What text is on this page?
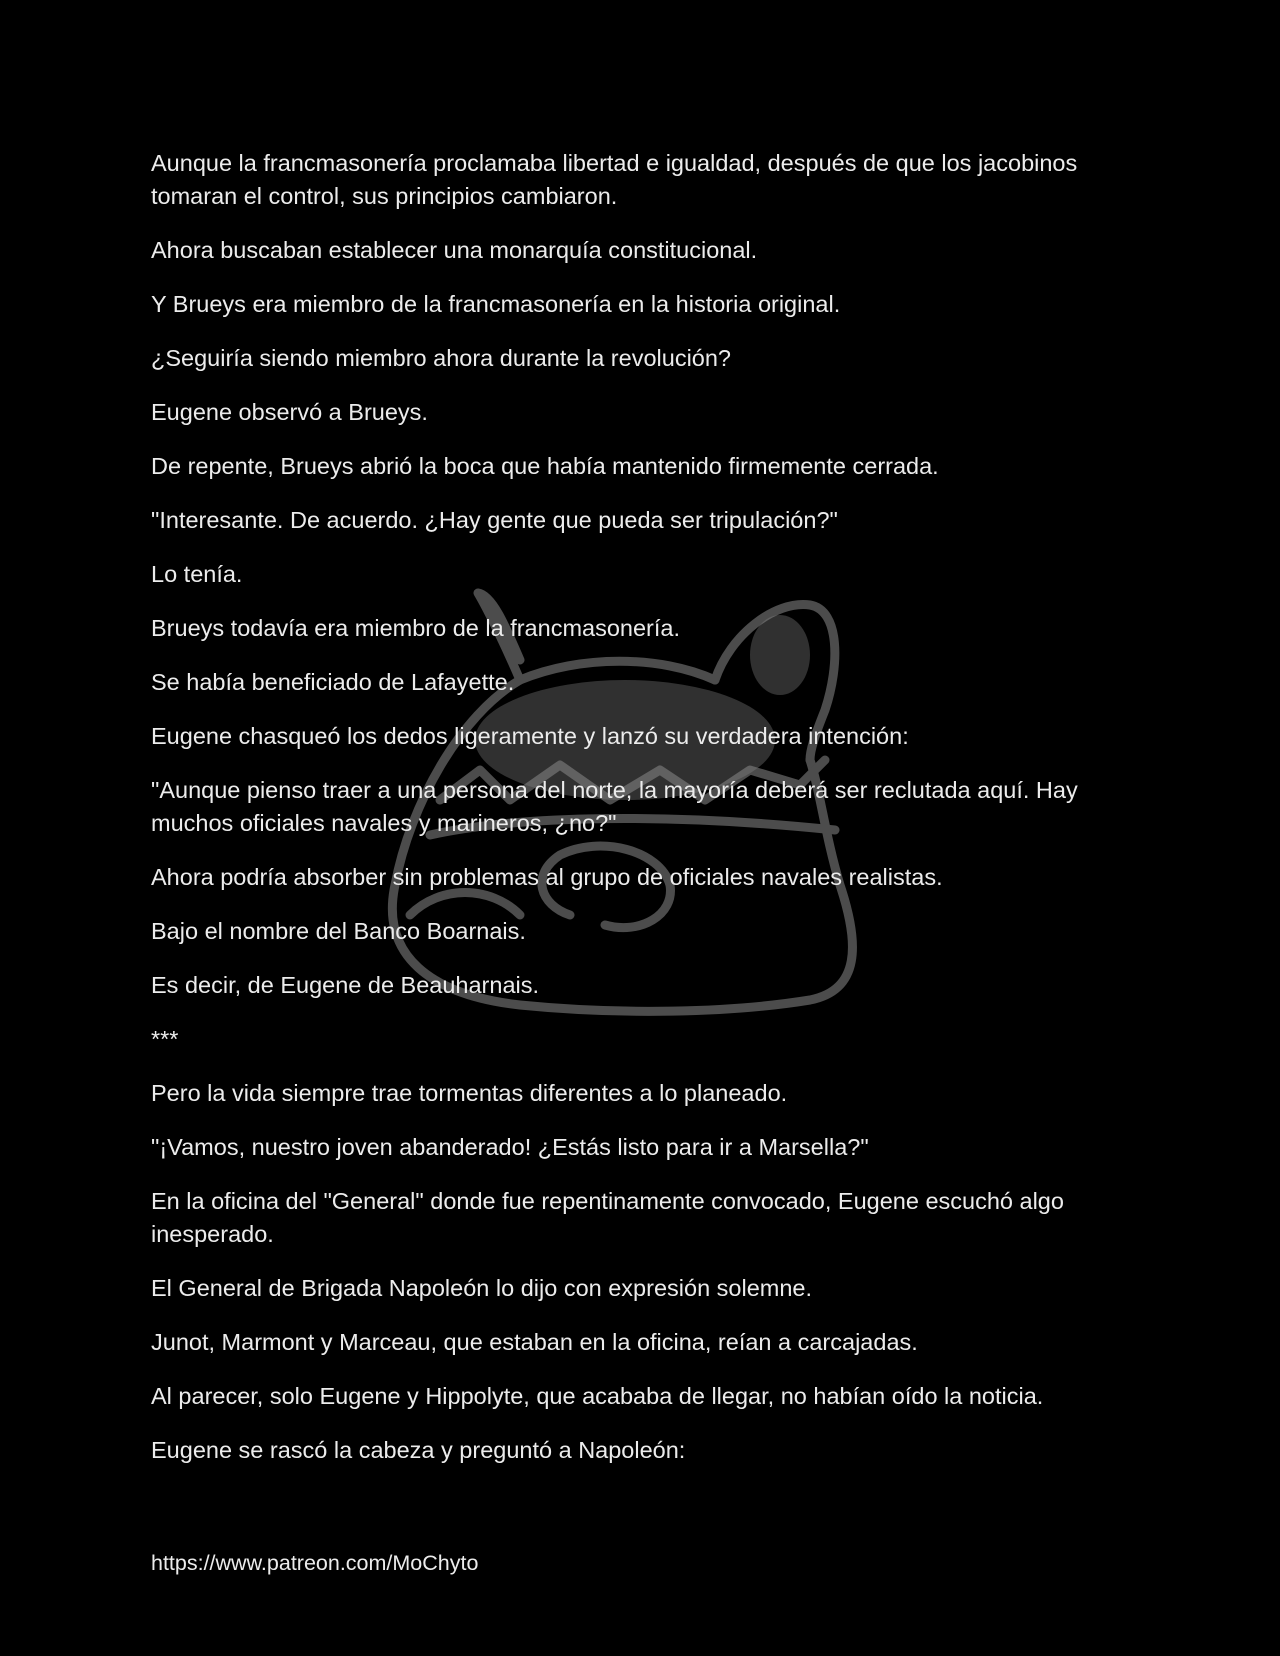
Aunque la francmasonería proclamaba libertad e igualdad, después de que los jacobinos tomaran el control, sus principios cambiaron.

Ahora buscaban establecer una monarquía constitucional.

Y Brueys era miembro de la francmasonería en la historia original.

¿Seguiría siendo miembro ahora durante la revolución?

Eugene observó a Brueys.

De repente, Brueys abrió la boca que había mantenido firmemente cerrada.

"Interesante. De acuerdo. ¿Hay gente que pueda ser tripulación?"

Lo tenía.

Brueys todavía era miembro de la francmasonería.

Se había beneficiado de Lafayette.

Eugene chasqueó los dedos ligeramente y lanzó su verdadera intención:

"Aunque pienso traer a una persona del norte, la mayoría deberá ser reclutada aquí. Hay muchos oficiales navales y marineros, ¿no?"

Ahora podría absorber sin problemas al grupo de oficiales navales realistas.

Bajo el nombre del Banco Boarnais.

Es decir, de Eugene de Beauharnais.

***

Pero la vida siempre trae tormentas diferentes a lo planeado.

"¡Vamos, nuestro joven abanderado! ¿Estás listo para ir a Marsella?"

En la oficina del "General" donde fue repentinamente convocado, Eugene escuchó algo inesperado.

El General de Brigada Napoleón lo dijo con expresión solemne.

Junot, Marmont y Marceau, que estaban en la oficina, reían a carcajadas.

Al parecer, solo Eugene y Hippolyte, que acababa de llegar, no habían oído la noticia.

Eugene se rascó la cabeza y preguntó a Napoleón:

https://www.patreon.com/MoChyto
